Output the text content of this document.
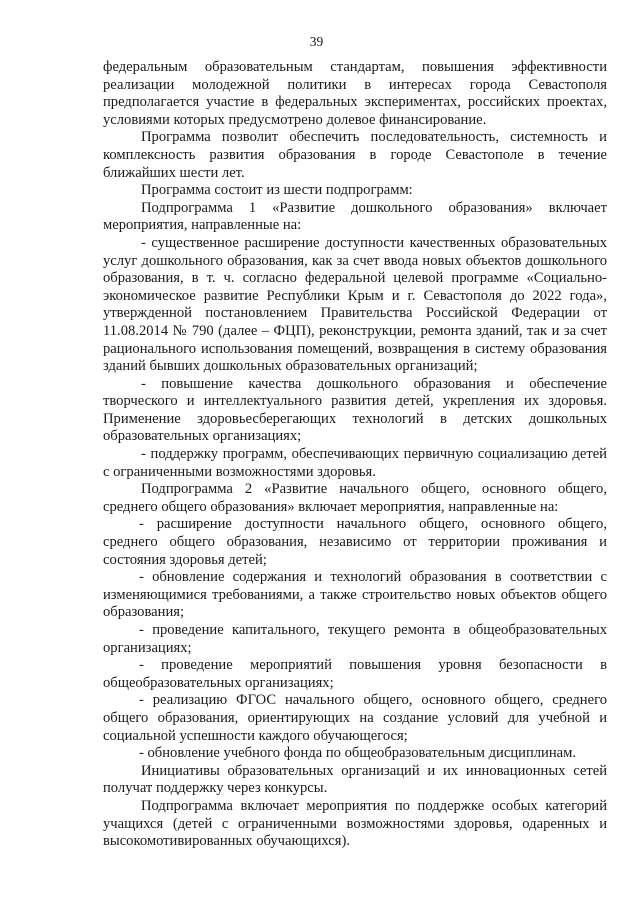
39

федеральным образовательным стандартам, повышения эффективности реализации молодежной политики в интересах города Севастополя предполагается участие в федеральных экспериментах, российских проектах, условиями которых предусмотрено долевое финансирование.

Программа позволит обеспечить последовательность, системность и комплексность развития образования в городе Севастополе в течение ближайших шести лет.

Программа состоит из шести подпрограмм:

Подпрограмма 1 «Развитие дошкольного образования» включает мероприятия, направленные на:

- существенное расширение доступности качественных образовательных услуг дошкольного образования, как за счет ввода новых объектов дошкольного образования, в т. ч. согласно федеральной целевой программе «Социально-экономическое развитие Республики Крым и г. Севастополя до 2022 года», утвержденной постановлением Правительства Российской Федерации от 11.08.2014 № 790 (далее – ФЦП), реконструкции, ремонта зданий, так и за счет рационального использования помещений, возвращения в систему образования зданий бывших дошкольных образовательных организаций;

- повышение качества дошкольного образования и обеспечение творческого и интеллектуального развития детей, укрепления их здоровья. Применение здоровьесберегающих технологий в детских дошкольных образовательных организациях;

- поддержку программ, обеспечивающих первичную социализацию детей с ограниченными возможностями здоровья.

Подпрограмма 2 «Развитие начального общего, основного общего, среднего общего образования» включает мероприятия, направленные на:

- расширение доступности начального общего, основного общего, среднего общего образования, независимо от территории проживания и состояния здоровья детей;

- обновление содержания и технологий образования в соответствии с изменяющимися требованиями, а также строительство новых объектов общего образования;

- проведение капитального, текущего ремонта в общеобразовательных организациях;

- проведение мероприятий повышения уровня безопасности в общеобразовательных организациях;

- реализацию ФГОС начального общего, основного общего, среднего общего образования, ориентирующих на создание условий для учебной и социальной успешности каждого обучающегося;

- обновление учебного фонда по общеобразовательным дисциплинам.

Инициативы образовательных организаций и их инновационных сетей получат поддержку через конкурсы.

Подпрограмма включает мероприятия по поддержке особых категорий учащихся (детей с ограниченными возможностями здоровья, одаренных и высокомотивированных обучающихся).
